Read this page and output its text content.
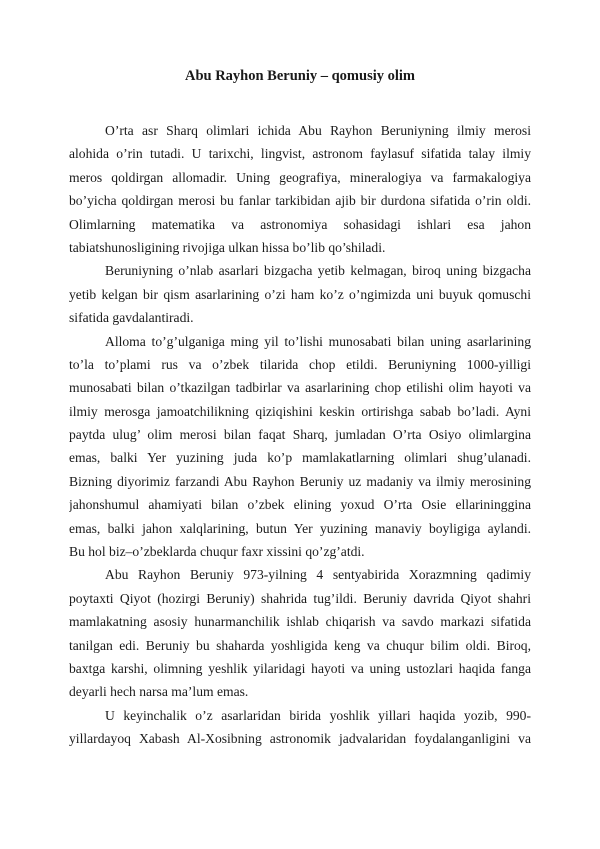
Abu Rayhon Beruniy – qomusiy olim
O’rta asr Sharq olimlari ichida Abu Rayhon Beruniyning ilmiy merosi
alohida o’rin tutadi. U tarixchi, lingvist, astronom faylasuf sifatida talay ilmiy
meros qoldirgan allomadir. Uning geografiya, mineralogiya va farmakalogiya
bo’yicha qoldirgan merosi bu fanlar tarkibidan ajib bir durdona sifatida o’rin oldi.
Olimlarning matematika va astronomiya sohasidagi ishlari esa jahon
tabiatshunosligining rivojiga ulkan hissa bo’lib qo’shiladi.
Beruniyning o’nlab asarlari bizgacha yetib kelmagan, biroq uning bizgacha
yetib kelgan bir qism asarlarining o’zi ham ko’z o’ngimizda uni buyuk qomuschi
sifatida gavdalantiradi.
Alloma to’g’ulganiga ming yil to’lishi munosabati bilan uning asarlarining
to’la to’plami rus va o’zbek tilarida chop etildi. Beruniyning 1000-yilligi
munosabati bilan o’tkazilgan tadbirlar va asarlarining chop etilishi olim hayoti va
ilmiy merosga jamoatchilikning qiziqishini keskin ortirishga sabab bo’ladi. Ayni
paytda ulug’ olim merosi bilan faqat Sharq, jumladan O’rta Osiyo olimlargina
emas, balki Yer yuzining juda ko’p mamlakatlarning olimlari shug’ulanadi.
Bizning diyorimiz farzandi Abu Rayhon Beruniy uz madaniy va ilmiy merosining
jahonshumul ahamiyati bilan o’zbek elining yoxud O’rta Osie ellarininggina
emas, balki jahon xalqlarining, butun Yer yuzining manaviy boyligiga aylandi.
Bu hol biz–o’zbeklarda chuqur faxr xissini qo’zg’atdi.
Abu Rayhon Beruniy 973-yilning 4 sentyabirida Xorazmning qadimiy
poytaxti Qiyot (hozirgi Beruniy) shahrida tug’ildi. Beruniy davrida Qiyot shahri
mamlakatning asosiy hunarmanchilik ishlab chiqarish va savdo markazi sifatida
tanilgan edi. Beruniy bu shaharda yoshligida keng va chuqur bilim oldi. Biroq,
baxtga karshi, olimning yeshlik yilaridagi hayoti va uning ustozlari haqida fanga
deyarli hech narsa ma’lum emas.
U keyinchalik o’z asarlaridan birida yoshlik yillari haqida yozib, 990-
yillardayoq Xabash Al-Xosibning astronomik jadvalaridan foydalanganligini va
